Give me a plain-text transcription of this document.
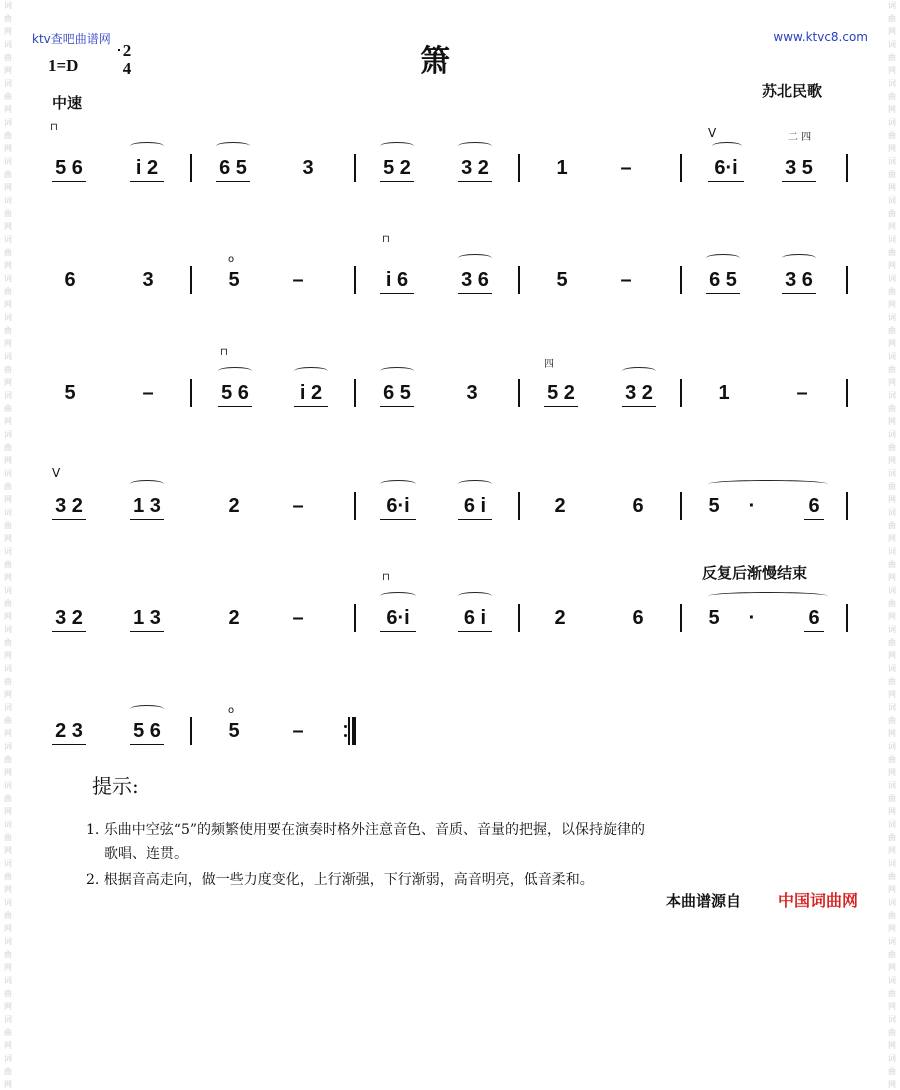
词
曲
网
词
曲
网
词
曲
网
词
曲
网
词
曲
网
词
曲
网
词
曲
网
词
曲
网
词
曲
网
词
曲
网
词
曲
网
词
曲
网
词
曲
网
词
曲
网
词
曲
网
词
曲
网
词
曲
网
词
曲
网
词
曲
网
词
曲
网
词
曲
网
词
曲
网
词
曲
网
词
曲
网
词
曲
网
词
曲
网
词
曲
网
词
曲
网
词
曲
网
词
曲
网
词
曲
网
词
曲
网
词
曲
网
词
曲
网
词
曲
网
词
曲
网
词
曲
网
词
曲
网
词
曲
网
词
曲
网
词
曲
网
词
曲
网
词
曲
网
词
曲
网
词
曲
网
词
曲
网
词
曲
网
词
曲
网
词
曲
网
词
曲
网
词
曲
网
词
曲
网
词
曲
网
词
曲
网
词
曲
网
词
曲
网
ktv查吧曲谱网	www.ktvc8.com
箫
1=D
2
4
中速
苏北民歌
⊓
5 6	i 2	6 5	3	5 2	3 2	1	–
V
6·i
二 四
3 5
6	3
o
5	–
⊓
i 6	3 6	5	–	6 5	3 6
5	–
⊓
5 6	i 2	6 5	3
四
5 2	3 2	1	–
V
3 2	1 3	2	–	6·i	6 i	2	6	5	·	6
反复后渐慢结束
3 2	1 3	2	–
⊓
6·i	6 i	2	6	5	·	6
2 3	5 6
o
5	–
提示:
1. 乐曲中空弦“5”的频繁使用要在演奏时格外注意音色、音质、音量的把握，以保持旋律的
歌唱、连贯。
2. 根据音高走向，做一些力度变化，上行渐强，下行渐弱，高音明亮，低音柔和。
本曲谱源自 中国词曲网
